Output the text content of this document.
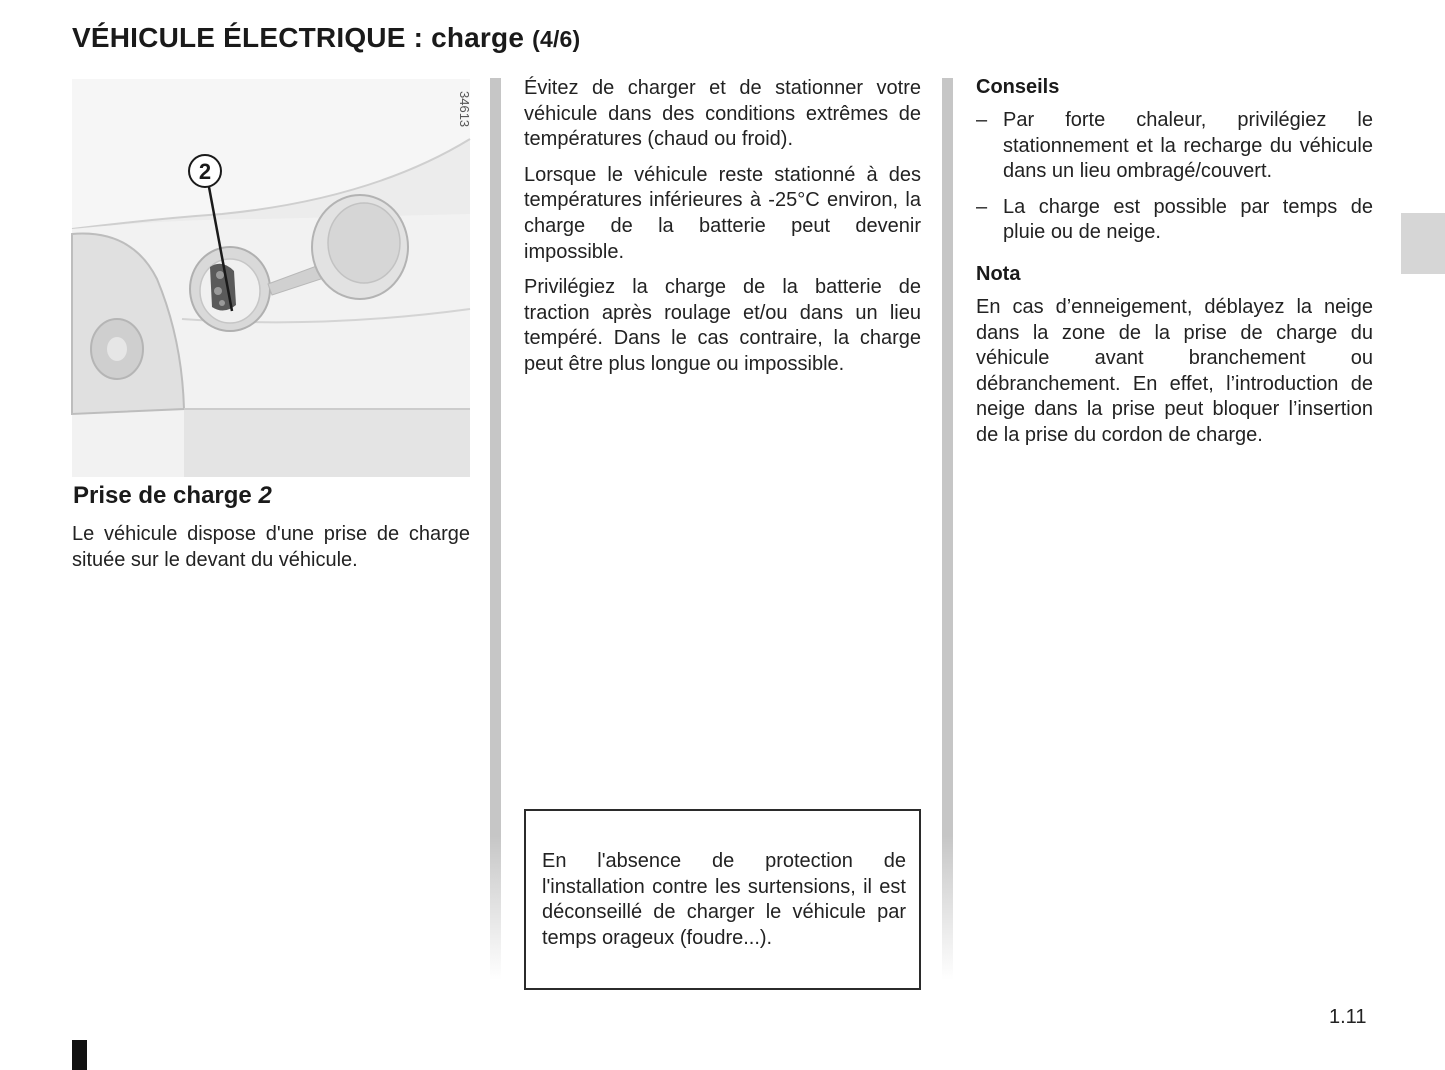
VÉHICULE ÉLECTRIQUE : charge (4/6)
2
34613
Prise de charge 2

Le véhicule dispose d'une prise de charge située sur le devant du véhicule.

Évitez de charger et de stationner votre véhicule dans des conditions extrêmes de températures (chaud ou froid).

Lorsque le véhicule reste stationné à des températures inférieures à -25°C environ, la charge de la batterie peut devenir impossible.

Privilégiez la charge de la batterie de traction après roulage et/ou dans un lieu tempéré. Dans le cas contraire, la charge peut être plus longue ou impossible.

En l'absence de protection de l'installation contre les surtensions, il est déconseillé de charger le véhicule par temps orageux (foudre...).

Conseils

– Par forte chaleur, privilégiez le stationnement et la recharge du véhicule dans un lieu ombragé/couvert.

– La charge est possible par temps de pluie ou de neige.

Nota

En cas d’enneigement, déblayez la neige dans la zone de la prise de charge du véhicule avant branchement ou débranchement. En effet, l’introduction de neige dans la prise peut bloquer l’insertion de la prise du cordon de charge.

1.11
